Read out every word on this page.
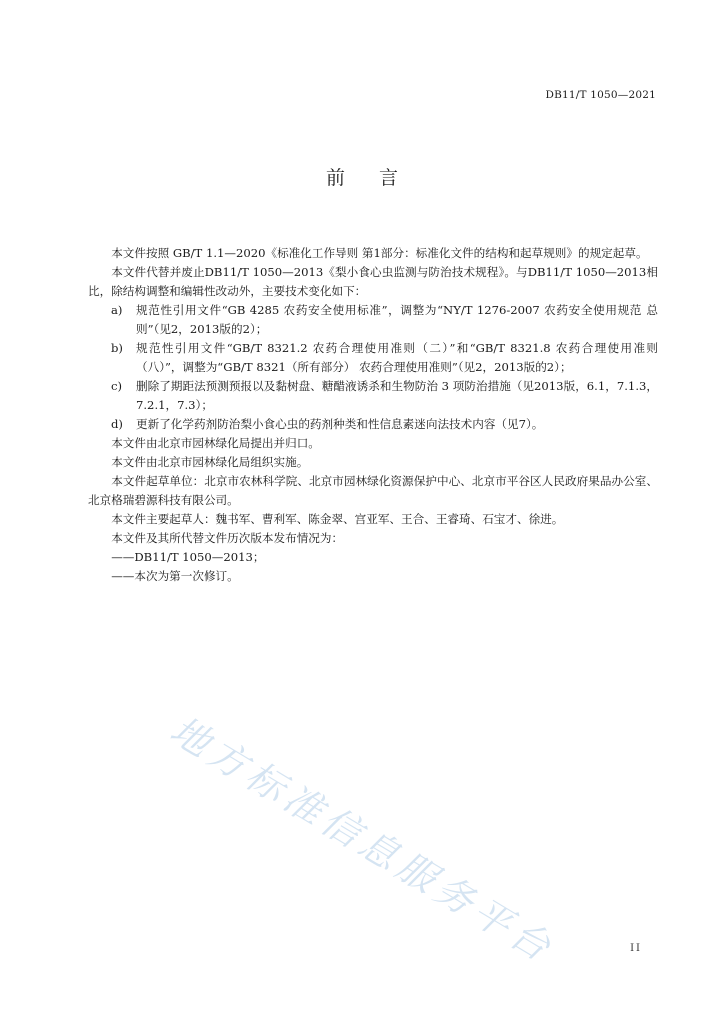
DB11/T 1050—2021
前言

本文件按照 GB/T 1.1—2020《标准化工作导则 第1部分：标准化文件的结构和起草规则》的规定起草。

本文件代替并废止DB11/T 1050—2013《梨小食心虫监测与防治技术规程》。与DB11/T 1050—2013相比，除结构调整和编辑性改动外，主要技术变化如下：

a) 规范性引用文件“GB 4285 农药安全使用标准”，调整为“NY/T 1276-2007 农药安全使用规范 总则”（见2，2013版的2）；
b) 规范性引用文件“GB/T 8321.2 农药合理使用准则（二）”和“GB/T 8321.8 农药合理使用准则（八）”，调整为“GB/T 8321（所有部分） 农药合理使用准则”（见2，2013版的2）；
c) 删除了期距法预测预报以及黏树盘、糖醋液诱杀和生物防治 3 项防治措施（见2013版，6.1，7.1.3，7.2.1，7.3）；
d) 更新了化学药剂防治梨小食心虫的药剂种类和性信息素迷向法技术内容（见7）。

本文件由北京市园林绿化局提出并归口。

本文件由北京市园林绿化局组织实施。

本文件起草单位：北京市农林科学院、北京市园林绿化资源保护中心、北京市平谷区人民政府果品办公室、北京格瑞碧源科技有限公司。

本文件主要起草人：魏书军、曹利军、陈金翠、宫亚军、王合、王睿琦、石宝才、徐进。

本文件及其所代替文件历次版本发布情况为：

——DB11/T 1050—2013；

——本次为第一次修订。

地方标准信息服务平台	II
